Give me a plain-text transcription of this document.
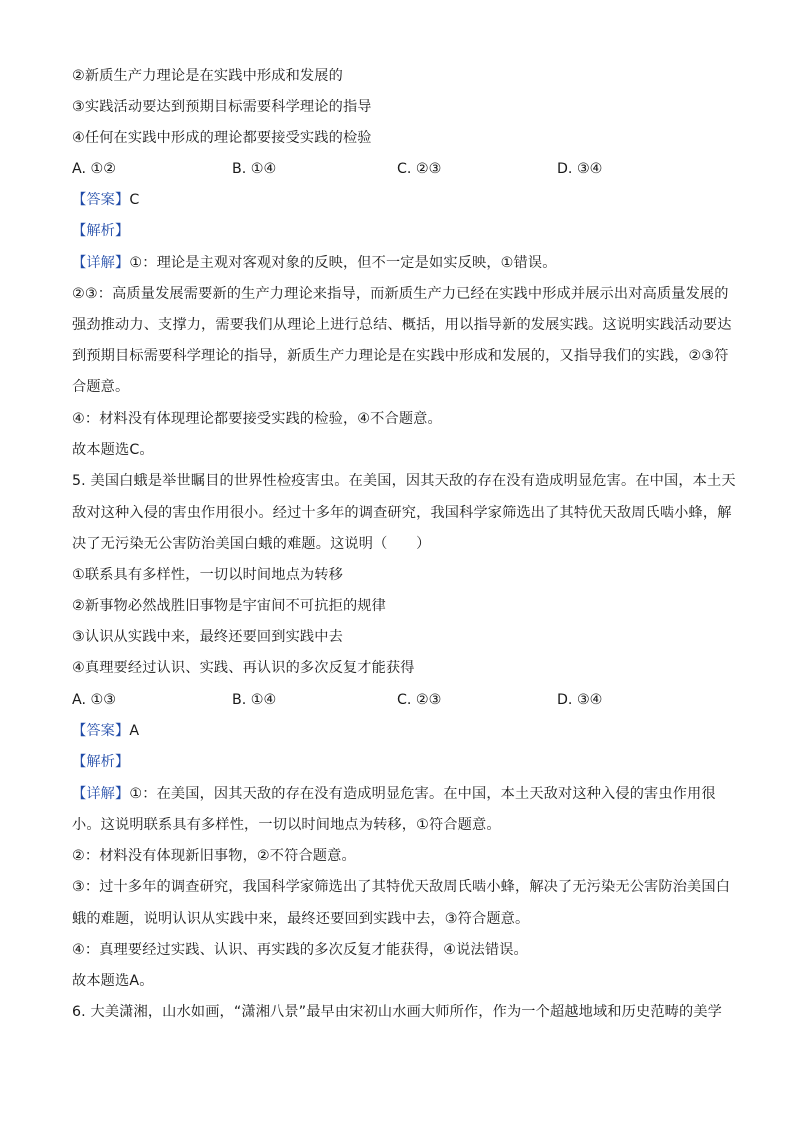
②新质生产力理论是在实践中形成和发展的
③实践活动要达到预期目标需要科学理论的指导
④任何在实践中形成的理论都要接受实践的检验
A. ①②	B. ①④	C. ②③	D. ③④
【答案】C
【解析】
【详解】①：理论是主观对客观对象的反映，但不一定是如实反映，①错误。
②③：高质量发展需要新的生产力理论来指导，而新质生产力已经在实践中形成并展示出对高质量发展的
强劲推动力、支撑力，需要我们从理论上进行总结、概括，用以指导新的发展实践。这说明实践活动要达
到预期目标需要科学理论的指导，新质生产力理论是在实践中形成和发展的，又指导我们的实践，②③符
合题意。
④：材料没有体现理论都要接受实践的检验，④不合题意。
故本题选C。
5. 美国白蛾是举世瞩目的世界性检疫害虫。在美国，因其天敌的存在没有造成明显危害。在中国，本土天
敌对这种入侵的害虫作用很小。经过十多年的调查研究，我国科学家筛选出了其特优天敌周氏啮小蜂，解
决了无污染无公害防治美国白蛾的难题。这说明（　　）
①联系具有多样性，一切以时间地点为转移
②新事物必然战胜旧事物是宇宙间不可抗拒的规律
③认识从实践中来，最终还要回到实践中去
④真理要经过认识、实践、再认识的多次反复才能获得
A. ①③	B. ①④	C. ②③	D. ③④
【答案】A
【解析】
【详解】①：在美国，因其天敌的存在没有造成明显危害。在中国，本土天敌对这种入侵的害虫作用很
小。这说明联系具有多样性，一切以时间地点为转移，①符合题意。
②：材料没有体现新旧事物，②不符合题意。
③：过十多年的调查研究，我国科学家筛选出了其特优天敌周氏啮小蜂，解决了无污染无公害防治美国白
蛾的难题，说明认识从实践中来，最终还要回到实践中去，③符合题意。
④：真理要经过实践、认识、再实践的多次反复才能获得，④说法错误。
故本题选A。
6. 大美潇湘，山水如画，“潇湘八景”最早由宋初山水画大师所作，作为一个超越地域和历史范畴的美学
